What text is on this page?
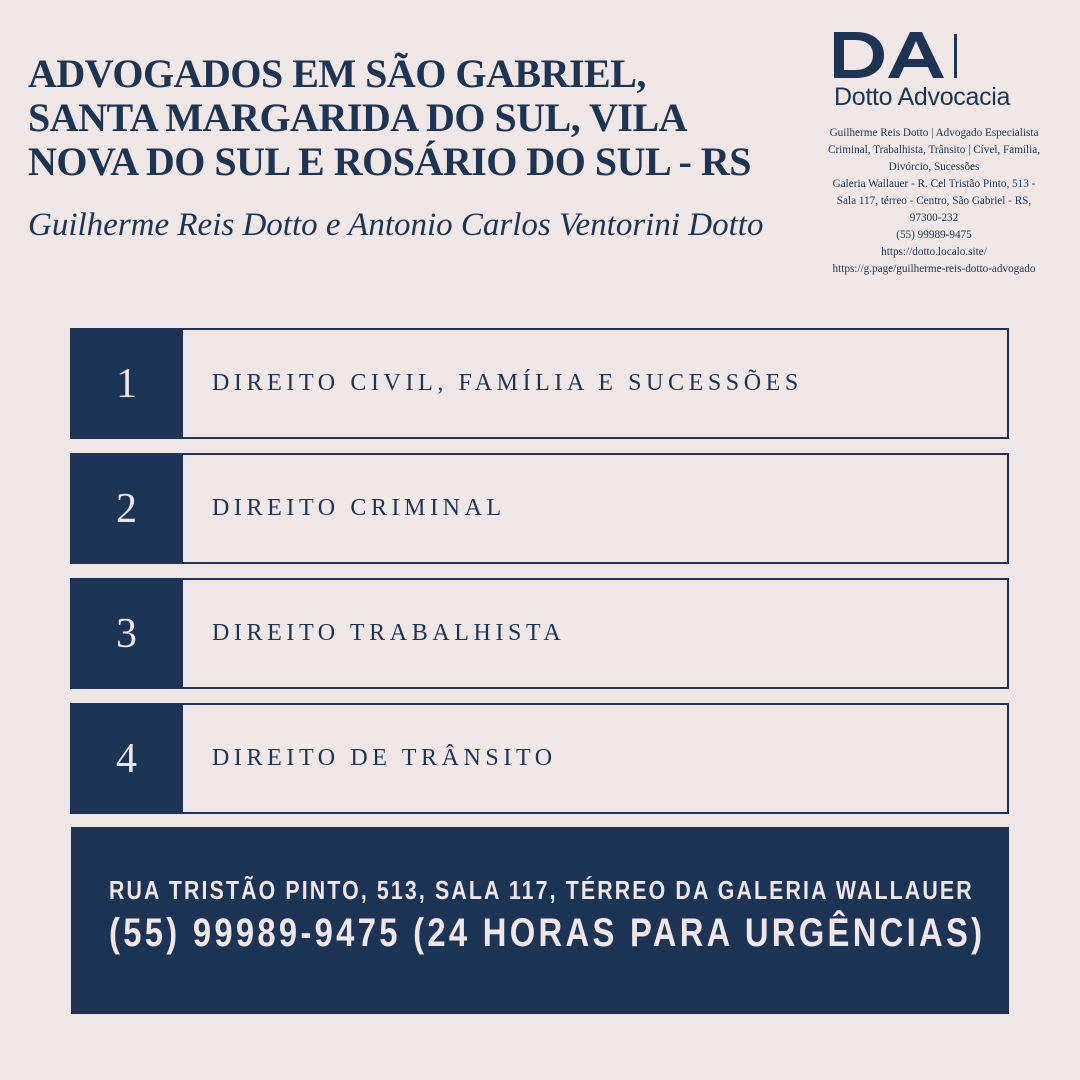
ADVOGADOS EM SÃO GABRIEL,
SANTA MARGARIDA DO SUL, VILA
NOVA DO SUL E ROSÁRIO DO SUL - RS

Guilherme Reis Dotto e Antonio Carlos Ventorini Dotto

Dotto Advocacia
Guilherme Reis Dotto | Advogado Especialista Criminal, Trabalhista, Trânsito | Cível, Família, Divórcio, Sucessões
Galeria Wallauer - R. Cel Tristão Pinto, 513 - Sala 117, térreo - Centro, São Gabriel - RS, 97300-232
(55) 99989-9475
https://dotto.localo.site/
https://g.page/guilherme-reis-dotto-advogado
1	DIREITO CIVIL, FAMÍLIA E SUCESSÕES
2	DIREITO CRIMINAL
3	DIREITO TRABALHISTA
4	DIREITO DE TRÂNSITO
RUA TRISTÃO PINTO, 513, SALA 117, TÉRREO DA GALERIA WALLAUER
(55) 99989-9475 (24 HORAS PARA URGÊNCIAS)
